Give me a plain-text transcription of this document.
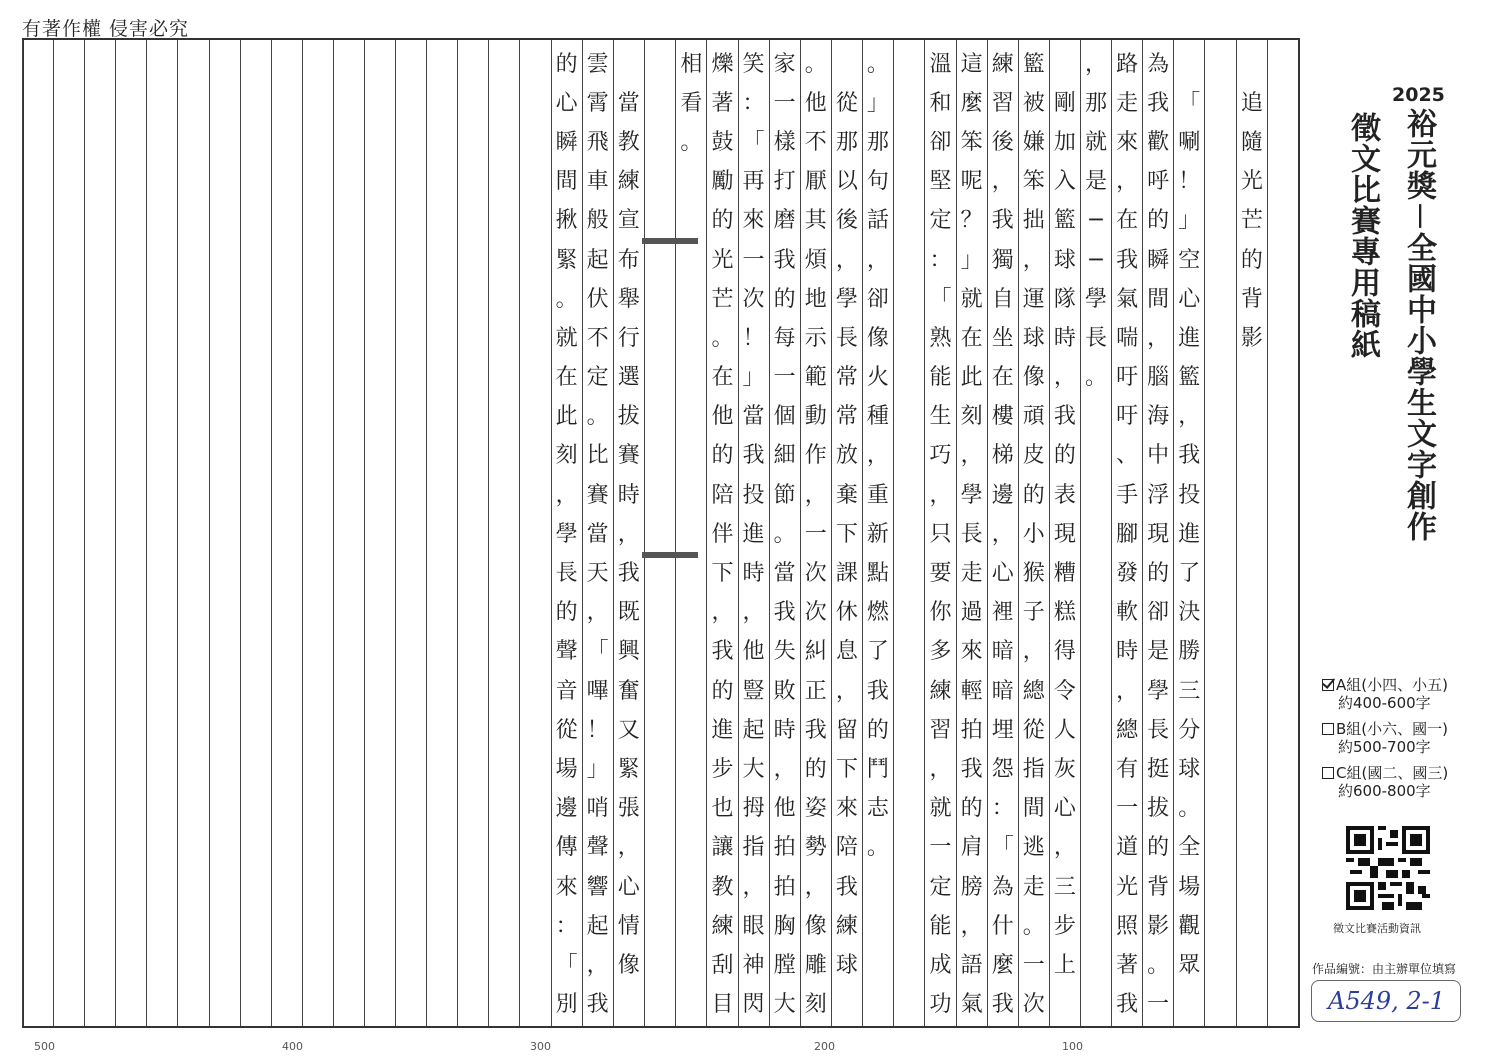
有著作權 侵害必究

追
隨
光
芒
的
背
影

「
唰
！
」
空
心
進
籃
，
我
投
進
了
決
勝
三
分
球
。
全
場
觀
眾
為
我
歡
呼
的
瞬
間
，
腦
海
中
浮
現
的
卻
是
學
長
挺
拔
的
背
影
。
一
路
走
來
，
在
我
氣
喘
吁
吁
、
手
腳
發
軟
時
，
總
有
一
道
光
照
著
我
，
那
就
是
─
─
學
長
。

剛
加
入
籃
球
隊
時
，
我
的
表
現
糟
糕
得
令
人
灰
心
，
三
步
上
籃
被
嫌
笨
拙
，
運
球
像
頑
皮
的
小
猴
子
，
總
從
指
間
逃
走
。
一
次
練
習
後
，
我
獨
自
坐
在
樓
梯
邊
，
心
裡
暗
暗
埋
怨
：
「
為
什
麼
我
這
麼
笨
呢
？
」
就
在
此
刻
，
學
長
走
過
來
輕
拍
我
的
肩
膀
，
語
氣
溫
和
卻
堅
定
：
「
熟
能
生
巧
，
只
要
你
多
練
習
，
就
一
定
能
成
功
。
」
那
句
話
，
卻
像
火
種
，
重
新
點
燃
了
我
的
鬥
志
。

從
那
以
後
，
學
長
常
常
放
棄
下
課
休
息
，
留
下
來
陪
我
練
球
。
他
不
厭
其
煩
地
示
範
動
作
，
一
次
次
糾
正
我
的
姿
勢
，
像
雕
刻
家
一
樣
打
磨
我
的
每
一
個
細
節
。
當
我
失
敗
時
，
他
拍
拍
胸
膛
大
笑
：
「
再
來
一
次
！
」
當
我
投
進
時
，
他
豎
起
大
拇
指
，
眼
神
閃
爍
著
鼓
勵
的
光
芒
。
在
他
的
陪
伴
下
，
我
的
進
步
也
讓
教
練
刮
目
相
看
。

當
教
練
宣
布
舉
行
選
拔
賽
時
，
我
既
興
奮
又
緊
張
，
心
情
像
雲
霄
飛
車
般
起
伏
不
定
。
比
賽
當
天
，
「
嗶
！
」
哨
聲
響
起
，
我
的
心
瞬
間
揪
緊
。
就
在
此
刻
，
學
長
的
聲
音
從
場
邊
傳
來
：
「
別
2025
裕元獎－全國中小學生文字創作
徵文比賽專用稿紙
A組(小四、小五)
約400-600字
B組(小六、國一)
約500-700字
C組(國二、國三)
約600-800字
徵文比賽活動資訊
作品編號：由主辦單位填寫
A549, 2-1
100
200
300
400
500
